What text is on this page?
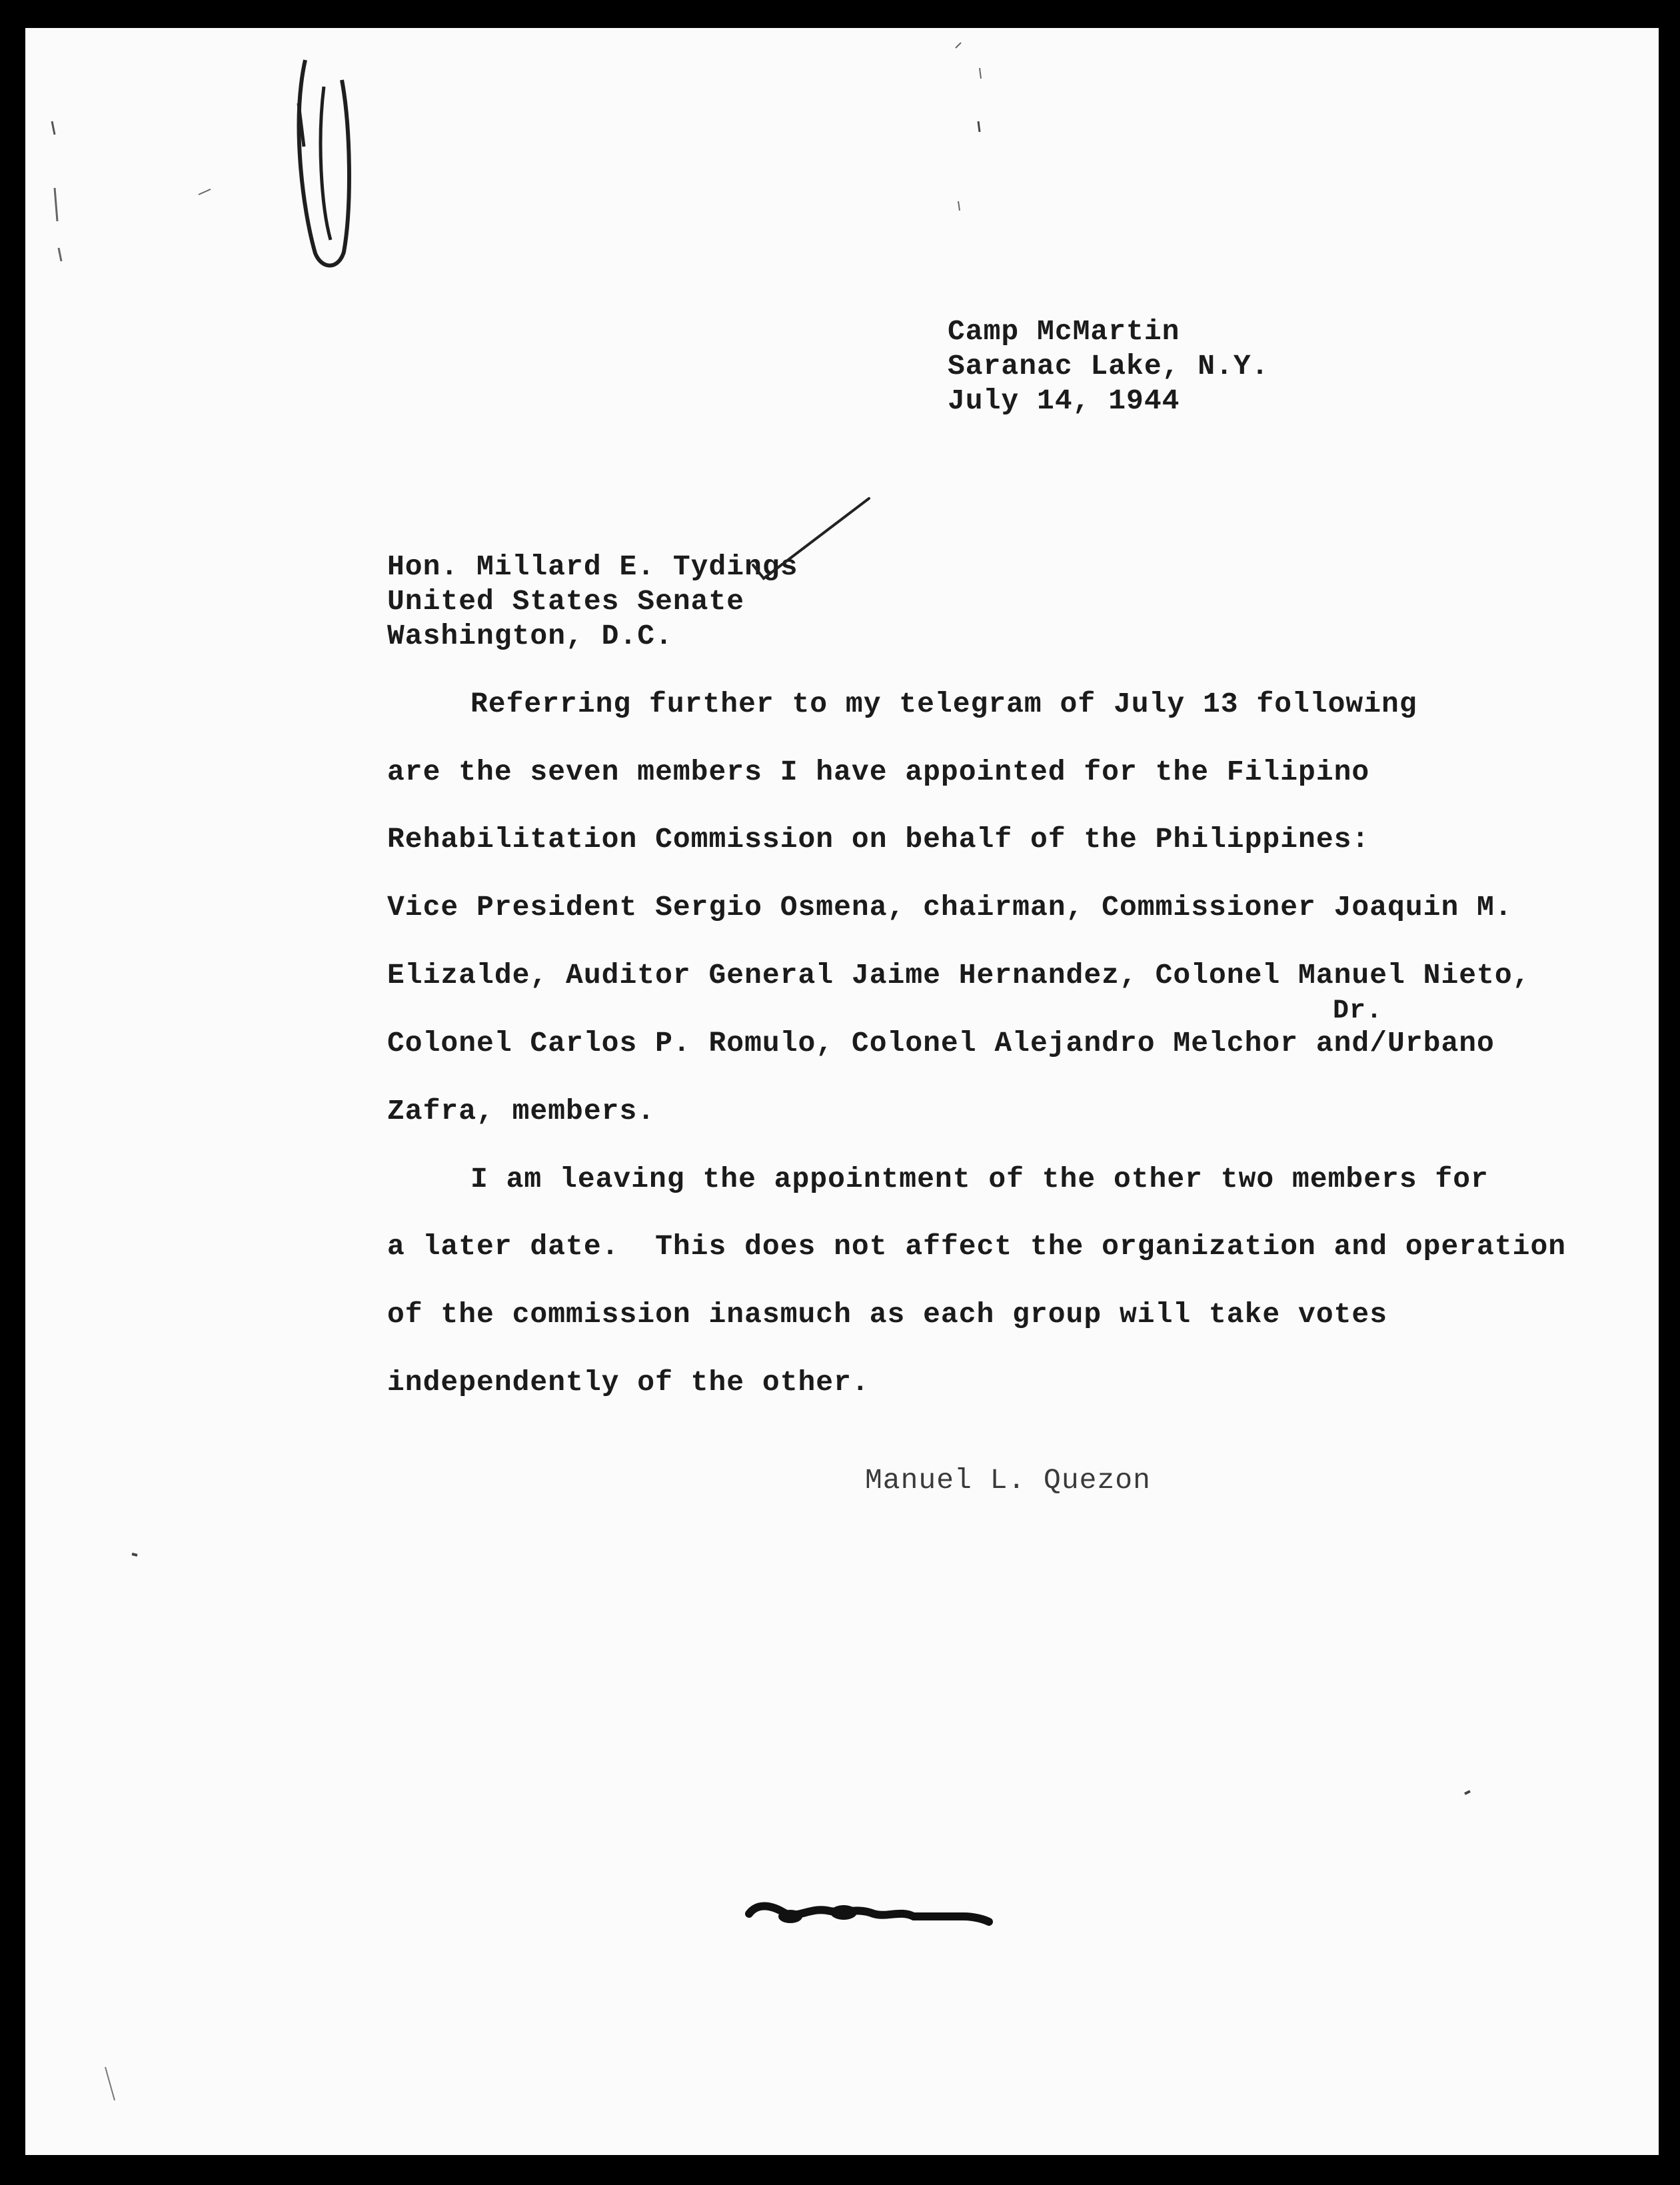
Camp McMartin
Saranac Lake, N.Y.
July 14, 1944
Hon. Millard E. Tydings
United States Senate
Washington, D.C.
Referring further to my telegram of July 13 following
are the seven members I have appointed for the Filipino
Rehabilitation Commission on behalf of the Philippines:
Vice President Sergio Osmena, chairman, Commissioner Joaquin M.
Elizalde, Auditor General Jaime Hernandez, Colonel Manuel Nieto,
Dr.
Colonel Carlos P. Romulo, Colonel Alejandro Melchor and/Urbano
Zafra, members.
I am leaving the appointment of the other two members for
a later date.  This does not affect the organization and operation
of the commission inasmuch as each group will take votes
independently of the other.
Manuel L. Quezon
